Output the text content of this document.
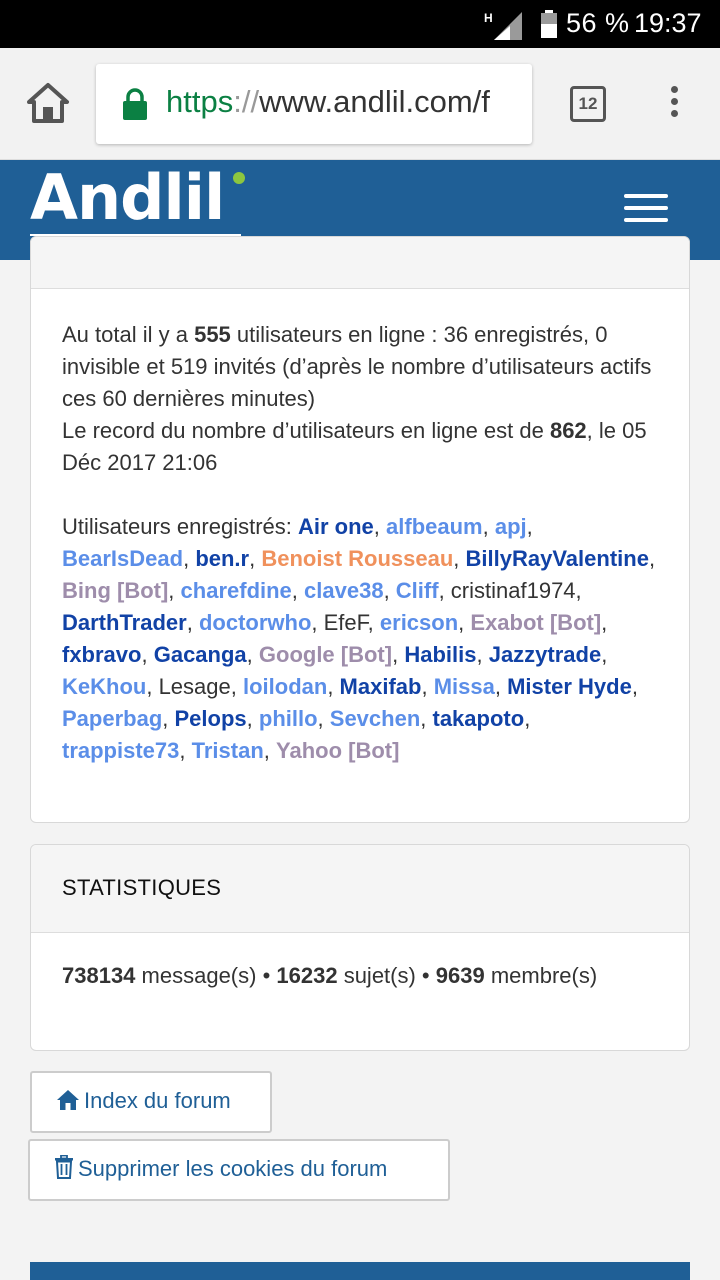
H	56 % 19:37
https://www.andlil.com/f	12
Andlil
Au total il y a 555 utilisateurs en ligne : 36 enregistrés, 0 invisible et 519 invités (d’après le nombre d’utilisateurs actifs ces 60 dernières minutes)
Le record du nombre d’utilisateurs en ligne est de 862, le 05 Déc 2017 21:06
Utilisateurs enregistrés: Air one, alfbeaum, apj, BearIsDead, ben.r, Benoist Rousseau, BillyRayValentine, Bing [Bot], charefdine, clave38, Cliff, cristinaf1974, DarthTrader, doctorwho, EfeF, ericson, Exabot [Bot], fxbravo, Gacanga, Google [Bot], Habilis, Jazzytrade, KeKhou, Lesage, loilodan, Maxifab, Missa, Mister Hyde, Paperbag, Pelops, phillo, Sevchen, takapoto, trappiste73, Tristan, Yahoo [Bot]
STATISTIQUES
738134 message(s) • 16232 sujet(s) • 9639 membre(s)
Index du forum
Supprimer les cookies du forum
